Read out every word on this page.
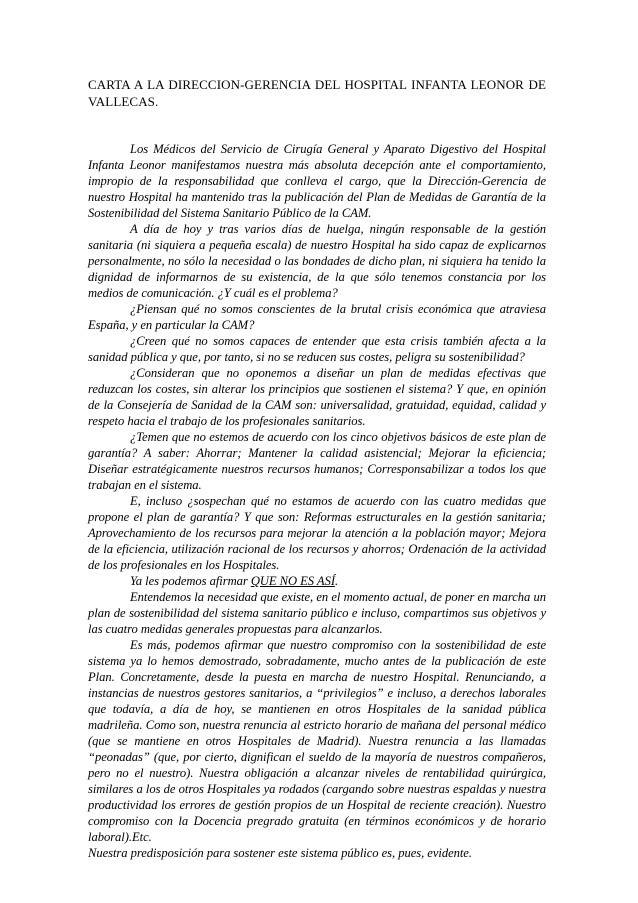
CARTA A LA DIRECCION-GERENCIA DEL HOSPITAL INFANTA LEONOR DE VALLECAS.

Los Médicos del Servicio de Cirugía General y Aparato Digestivo del Hospital Infanta Leonor manifestamos nuestra más absoluta decepción ante el comportamiento, impropio de la responsabilidad que conlleva el cargo, que la Dirección-Gerencia de nuestro Hospital ha mantenido tras la publicación del Plan de Medidas de Garantía de la Sostenibilidad del Sistema Sanitario Público de la CAM.

A día de hoy y tras varios días de huelga, ningún responsable de la gestión sanitaria (ni siquiera a pequeña escala) de nuestro Hospital ha sido capaz de explicarnos personalmente, no sólo la necesidad o las bondades de dicho plan, ni siquiera ha tenido la dignidad de informarnos de su existencia, de la que sólo tenemos constancia por los medios de comunicación. ¿Y cuál es el problema?

¿Piensan qué no somos conscientes de la brutal crisis económica que atraviesa España, y en particular la CAM?

¿Creen qué no somos capaces de entender que esta crisis también afecta a la sanidad pública y que, por tanto, si no se reducen sus costes, peligra su sostenibilidad?

¿Consideran que no oponemos a diseñar un plan de medidas efectivas que reduzcan los costes, sin alterar los principios que sostienen el sistema? Y que, en opinión de la Consejería de Sanidad de la CAM son: universalidad, gratuidad, equidad, calidad y respeto hacia el trabajo de los profesionales sanitarios.

¿Temen que no estemos de acuerdo con los cinco objetivos básicos de este plan de garantía? A saber: Ahorrar; Mantener la calidad asistencial; Mejorar la eficiencia; Diseñar estratégicamente nuestros recursos humanos; Corresponsabilizar a todos los que trabajan en el sistema.

E, incluso ¿sospechan qué no estamos de acuerdo con las cuatro medidas que propone el plan de garantía? Y que son: Reformas estructurales en la gestión sanitaria; Aprovechamiento de los recursos para mejorar la atención a la población mayor; Mejora de la eficiencia, utilización racional de los recursos y ahorros; Ordenación de la actividad de los profesionales en los Hospitales.

Ya les podemos afirmar QUE NO ES ASÍ.

Entendemos la necesidad que existe, en el momento actual, de poner en marcha un plan de sostenibilidad del sistema sanitario público e incluso, compartimos sus objetivos y las cuatro medidas generales propuestas para alcanzarlos.

Es más, podemos afirmar que nuestro compromiso con la sostenibilidad de este sistema ya lo hemos demostrado, sobradamente, mucho antes de la publicación de este Plan. Concretamente, desde la puesta en marcha de nuestro Hospital. Renunciando, a instancias de nuestros gestores sanitarios, a “privilegios” e incluso, a derechos laborales que todavía, a día de hoy, se mantienen en otros Hospitales de la sanidad pública madrileña. Como son, nuestra renuncia al estricto horario de mañana del personal médico (que se mantiene en otros Hospitales de Madrid). Nuestra renuncia a las llamadas “peonadas” (que, por cierto, dignifican el sueldo de la mayoría de nuestros compañeros, pero no el nuestro). Nuestra obligación a alcanzar niveles de rentabilidad quirúrgica, similares a los de otros Hospitales ya rodados (cargando sobre nuestras espaldas y nuestra productividad los errores de gestión propios de un Hospital de reciente creación). Nuestro compromiso con la Docencia pregrado gratuita (en términos económicos y de horario laboral).Etc.

Nuestra predisposición para sostener este sistema público es, pues, evidente.
